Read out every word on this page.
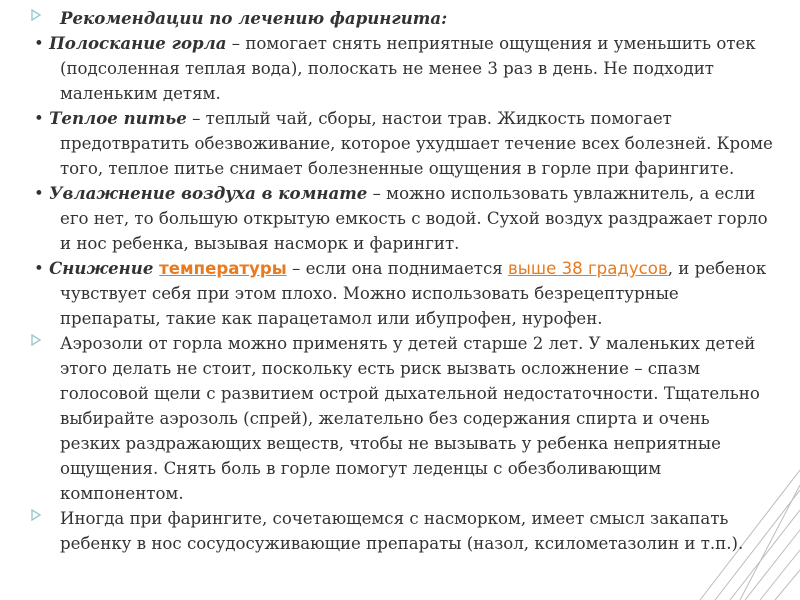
Рекомендации по лечению фарингита:
• Полоскание горла – помогает снять неприятные ощущения и уменьшить отек (подсоленная теплая вода), полоскать не менее 3 раз в день. Не подходит маленьким детям.
• Теплое питье – теплый чай, сборы, настои трав. Жидкость помогает предотвратить обезвоживание, которое ухудшает течение всех болезней. Кроме того, теплое питье снимает болезненные ощущения в горле при фарингите.
• Увлажнение воздуха в комнате – можно использовать увлажнитель, а если его нет, то большую открытую емкость с водой. Сухой воздух раздражает горло и нос ребенка, вызывая насморк и фарингит.
• Снижение температуры – если она поднимается выше 38 градусов, и ребенок чувствует себя при этом плохо. Можно использовать безрецептурные препараты, такие как парацетамол или ибупрофен, нурофен.
Аэрозоли от горла можно применять у детей старше 2 лет. У маленьких детей этого делать не стоит, поскольку есть риск вызвать осложнение – спазм голосовой щели с развитием острой дыхательной недостаточности. Тщательно выбирайте аэрозоль (спрей), желательно без содержания спирта и очень резких раздражающих веществ, чтобы не вызывать у ребенка неприятные ощущения. Снять боль в горле помогут леденцы с обезболивающим компонентом.
Иногда при фарингите, сочетающемся с насморком, имеет смысл закапать ребенку в нос сосудосуживающие препараты (назол, ксилометазолин и т.п.).
